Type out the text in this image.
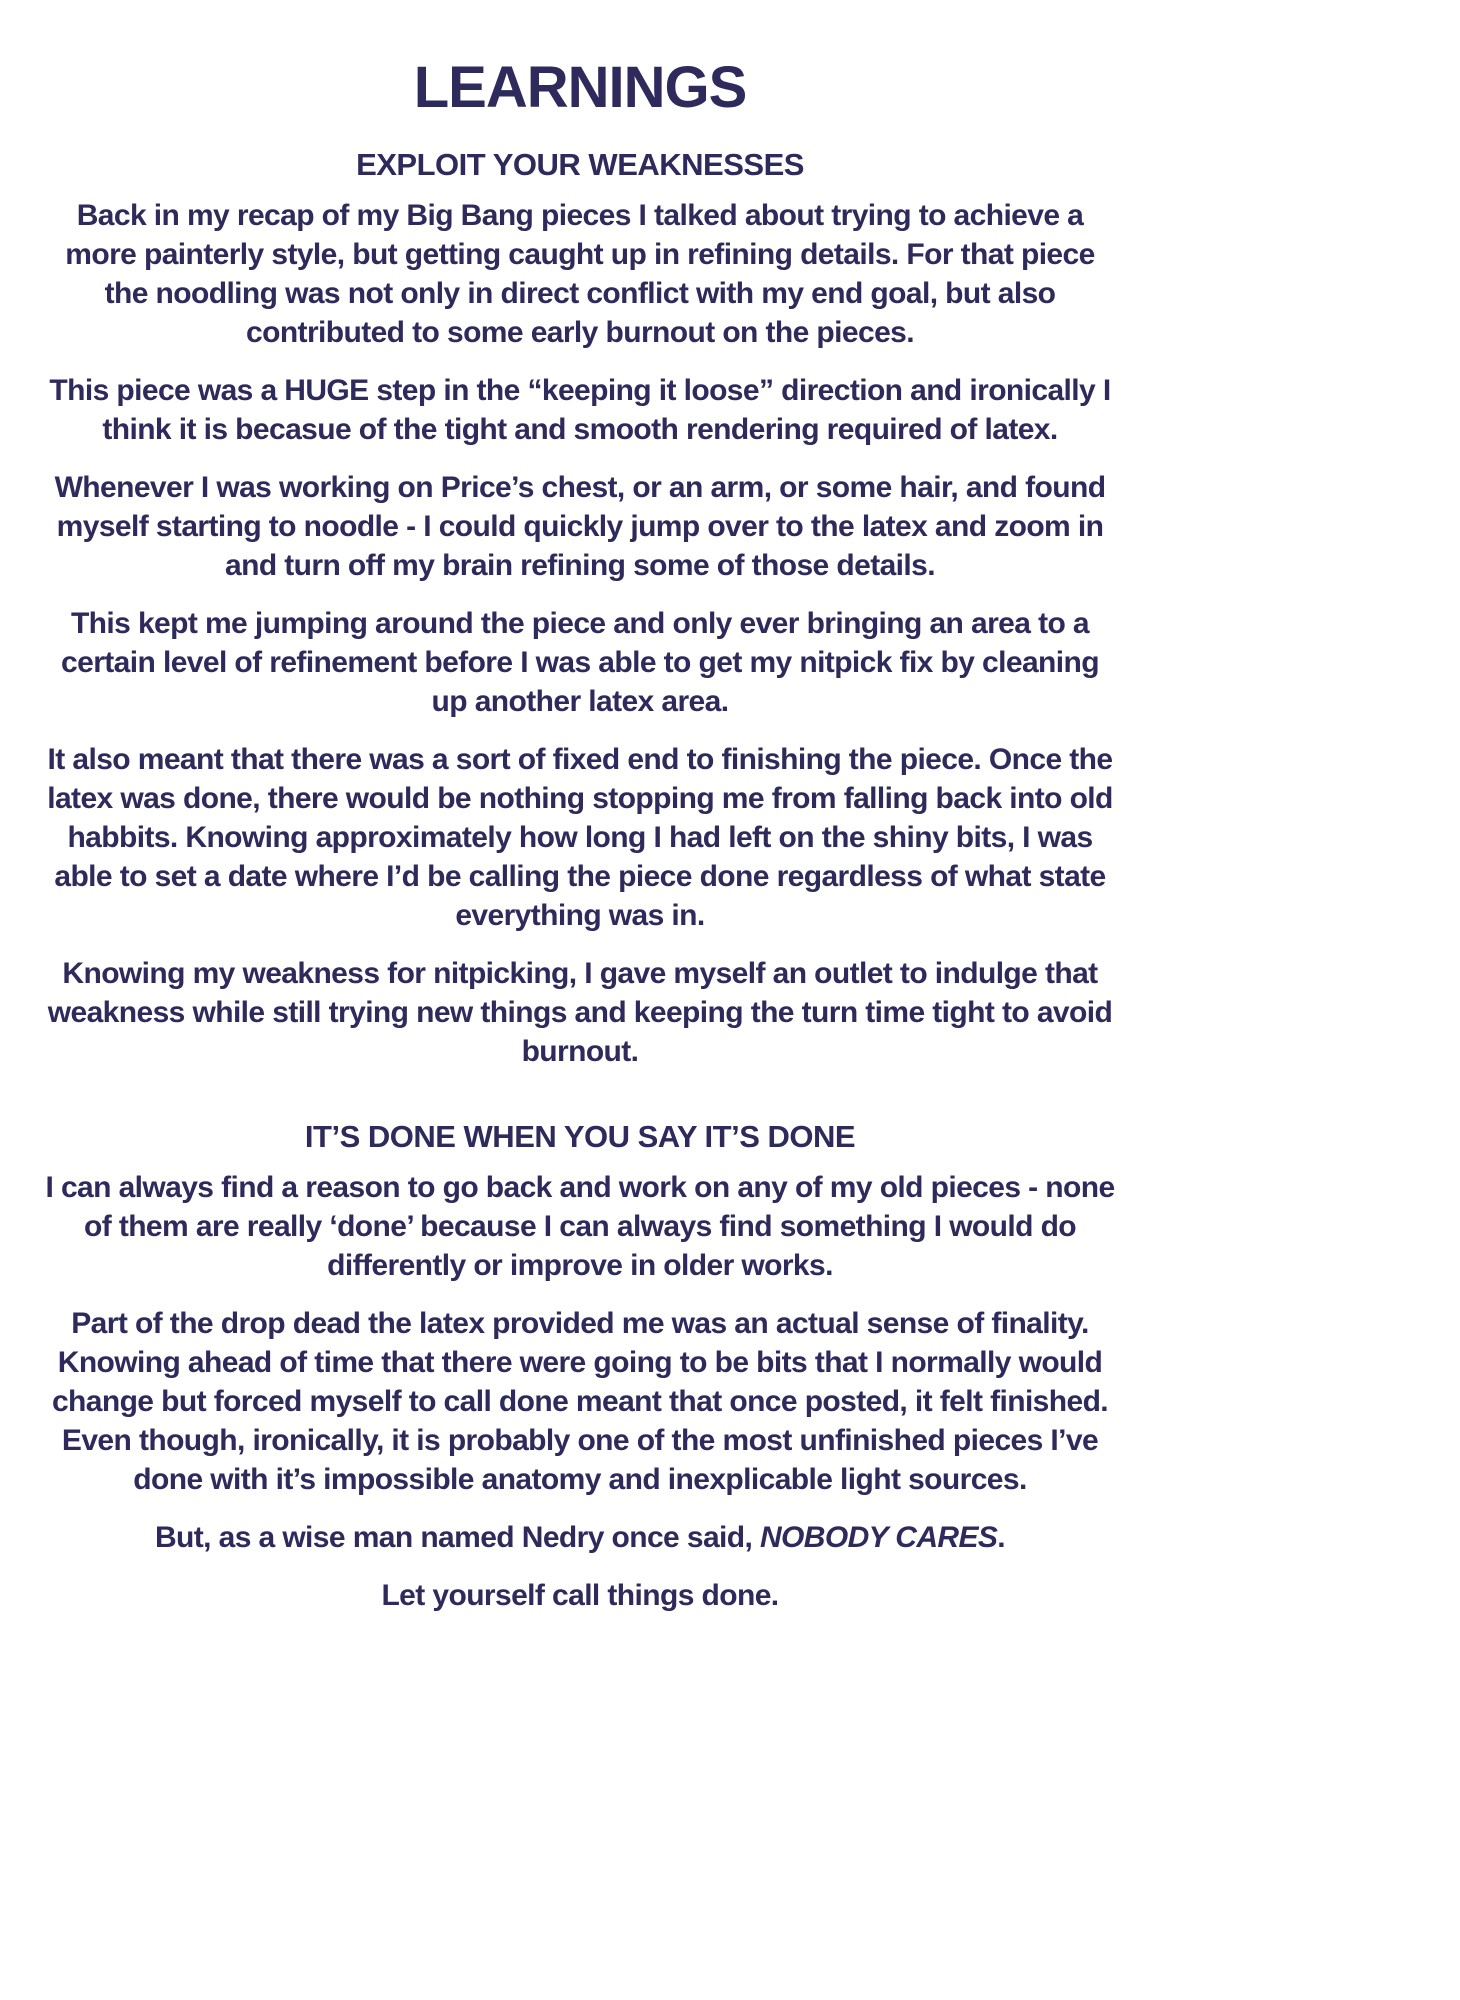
LEARNINGS
EXPLOIT YOUR WEAKNESSES

Back in my recap of my Big Bang pieces I talked about trying to achieve a more painterly style, but getting caught up in refining details. For that piece the noodling was not only in direct conflict with my end goal, but also contributed to some early burnout on the pieces.

This piece was a HUGE step in the “keeping it loose” direction and ironically I think it is becasue of the tight and smooth rendering required of latex.

Whenever I was working on Price’s chest, or an arm, or some hair, and found myself starting to noodle - I could quickly jump over to the latex and zoom in and turn off my brain refining some of those details.

This kept me jumping around the piece and only ever bringing an area to a certain level of refinement before I was able to get my nitpick fix by cleaning up another latex area.

It also meant that there was a sort of fixed end to finishing the piece. Once the latex was done, there would be nothing stopping me from falling back into old habbits. Knowing approximately how long I had left on the shiny bits, I was able to set a date where I’d be calling the piece done regardless of what state everything was in.

Knowing my weakness for nitpicking, I gave myself an outlet to indulge that weakness while still trying new things and keeping the turn time tight to avoid burnout.

IT’S DONE WHEN YOU SAY IT’S DONE

I can always find a reason to go back and work on any of my old pieces - none of them are really ‘done’ because I can always find something I would do differently or improve in older works.

Part of the drop dead the latex provided me was an actual sense of finality. Knowing ahead of time that there were going to be bits that I normally would change but forced myself to call done meant that once posted, it felt finished. Even though, ironically, it is probably one of the most unfinished pieces I’ve done with it’s impossible anatomy and inexplicable light sources.

But, as a wise man named Nedry once said, NOBODY CARES.

Let yourself call things done.
